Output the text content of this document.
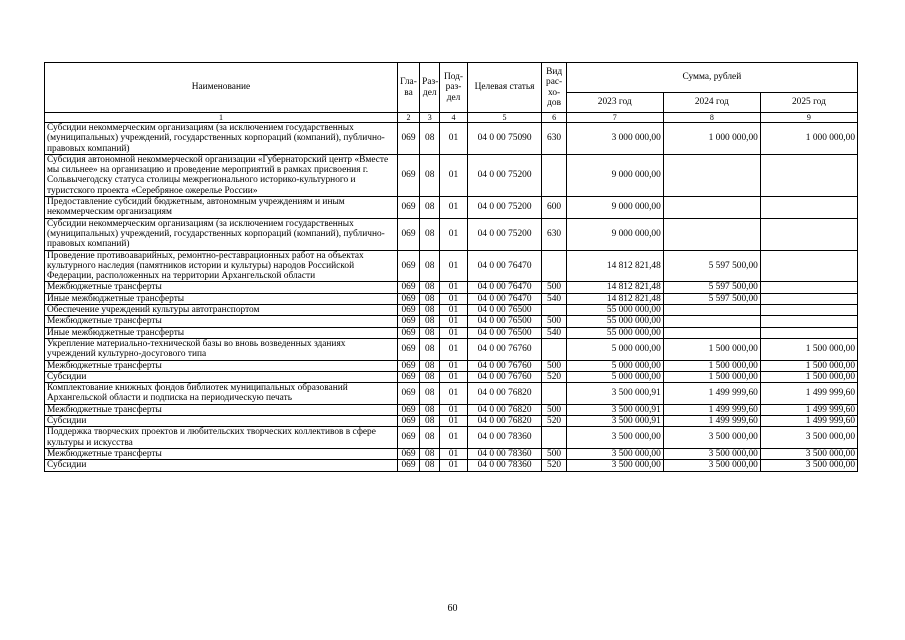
Наименование	Гла-ва	Раз-дел	Под-раз-дел	Целевая статья	Вид рас-хо-дов	Сумма, рублей		
						2023 год	2024 год	2025 год
1	2	3	4	5	6	7	8	9
Субсидии некоммерческим организациям (за исключением государственных (муниципальных) учреждений, государственных корпораций (компаний), публично-правовых компаний)	069	08	01	04 0 00 75090	630	3 000 000,00	1 000 000,00	1 000 000,00
Субсидия автономной некоммерческой организации «Губернаторский центр «Вместе мы сильнее» на организацию и проведение мероприятий в рамках присвоения г. Сольвычегодску статуса столицы межрегионального историко-культурного и туристского проекта «Серебряное ожерелье России»	069	08	01	04 0 00 75200		9 000 000,00		
Предоставление субсидий бюджетным, автономным учреждениям и иным некоммерческим организациям	069	08	01	04 0 00 75200	600	9 000 000,00		
Субсидии некоммерческим организациям (за исключением государственных (муниципальных) учреждений, государственных корпораций (компаний), публично-правовых компаний)	069	08	01	04 0 00 75200	630	9 000 000,00		
Проведение противоаварийных, ремонтно-реставрационных работ на объектах культурного наследия (памятников истории и культуры) народов Российской Федерации, расположенных на территории Архангельской области	069	08	01	04 0 00 76470		14 812 821,48	5 597 500,00	
Межбюджетные трансферты	069	08	01	04 0 00 76470	500	14 812 821,48	5 597 500,00	
Иные межбюджетные трансферты	069	08	01	04 0 00 76470	540	14 812 821,48	5 597 500,00	
Обеспечение учреждений культуры автотранспортом	069	08	01	04 0 00 76500		55 000 000,00		
Межбюджетные трансферты	069	08	01	04 0 00 76500	500	55 000 000,00		
Иные межбюджетные трансферты	069	08	01	04 0 00 76500	540	55 000 000,00		
Укрепление материально-технической базы во вновь возведенных зданиях учреждений культурно-досугового типа	069	08	01	04 0 00 76760		5 000 000,00	1 500 000,00	1 500 000,00
Межбюджетные трансферты	069	08	01	04 0 00 76760	500	5 000 000,00	1 500 000,00	1 500 000,00
Субсидии	069	08	01	04 0 00 76760	520	5 000 000,00	1 500 000,00	1 500 000,00
Комплектование книжных фондов библиотек муниципальных образований Архангельской области и подписка на периодическую печать	069	08	01	04 0 00 76820		3 500 000,91	1 499 999,60	1 499 999,60
Межбюджетные трансферты	069	08	01	04 0 00 76820	500	3 500 000,91	1 499 999,60	1 499 999,60
Субсидии	069	08	01	04 0 00 76820	520	3 500 000,91	1 499 999,60	1 499 999,60
Поддержка творческих проектов и любительских творческих коллективов в сфере культуры и искусства	069	08	01	04 0 00 78360		3 500 000,00	3 500 000,00	3 500 000,00
Межбюджетные трансферты	069	08	01	04 0 00 78360	500	3 500 000,00	3 500 000,00	3 500 000,00
Субсидии	069	08	01	04 0 00 78360	520	3 500 000,00	3 500 000,00	3 500 000,00
60
